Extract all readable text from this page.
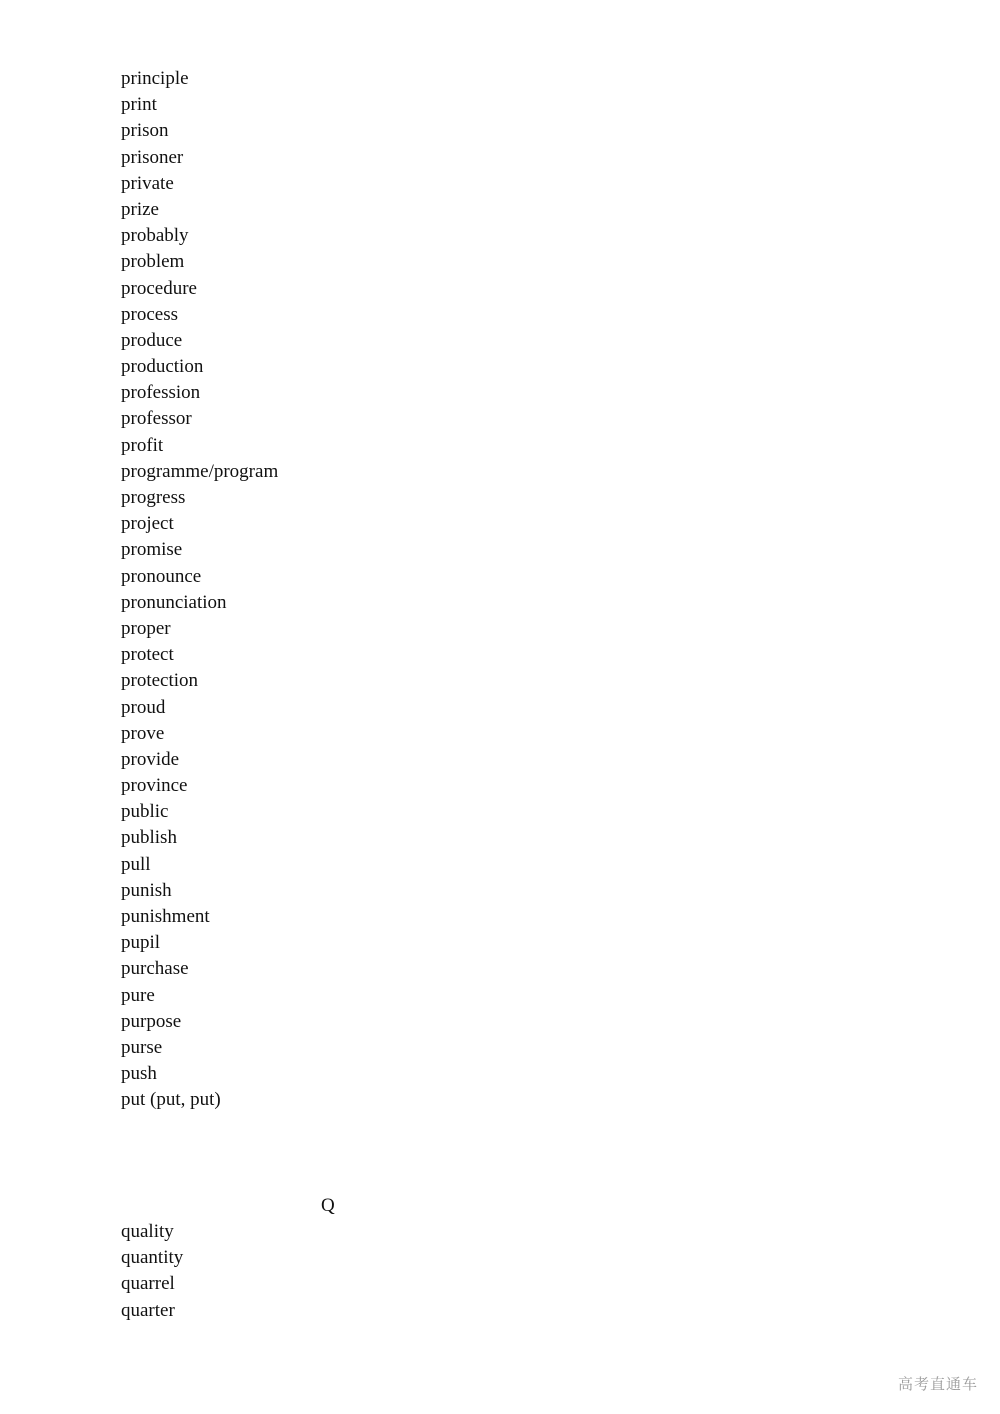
principle
print
prison
prisoner
private
prize
probably
problem
procedure
process
produce
production
profession
professor
profit
programme/program
progress
project
promise
pronounce
pronunciation
proper
protect
protection
proud
prove
provide
province
public
publish
pull
punish
punishment
pupil
purchase
pure
purpose
purse
push
put (put, put)
Q
quality
quantity
quarrel
quarter
高考直通车
